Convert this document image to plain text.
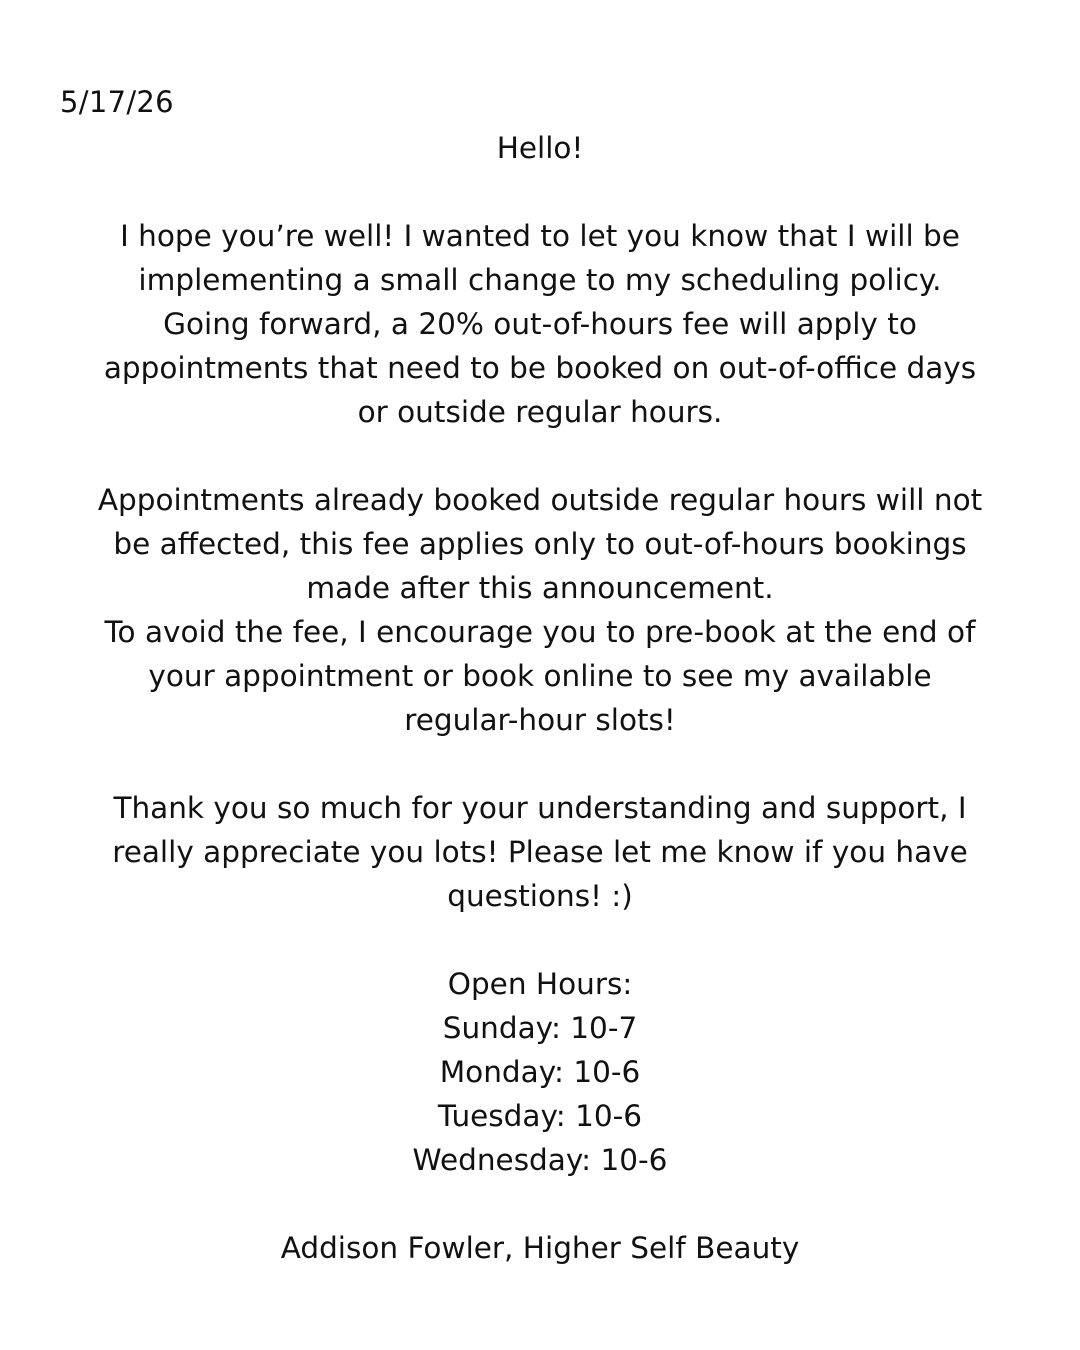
5/17/26
Hello!
I hope you’re well! I wanted to let you know that I will be
implementing a small change to my scheduling policy.
Going forward, a 20% out-of-hours fee will apply to
appointments that need to be booked on out-of-office days
or outside regular hours.
Appointments already booked outside regular hours will not
be affected, this fee applies only to out-of-hours bookings
made after this announcement.
To avoid the fee, I encourage you to pre-book at the end of
your appointment or book online to see my available
regular-hour slots!
Thank you so much for your understanding and support, I
really appreciate you lots! Please let me know if you have
questions! :)
Open Hours:
Sunday: 10-7
Monday: 10-6
Tuesday: 10-6
Wednesday: 10-6
Addison Fowler, Higher Self Beauty
